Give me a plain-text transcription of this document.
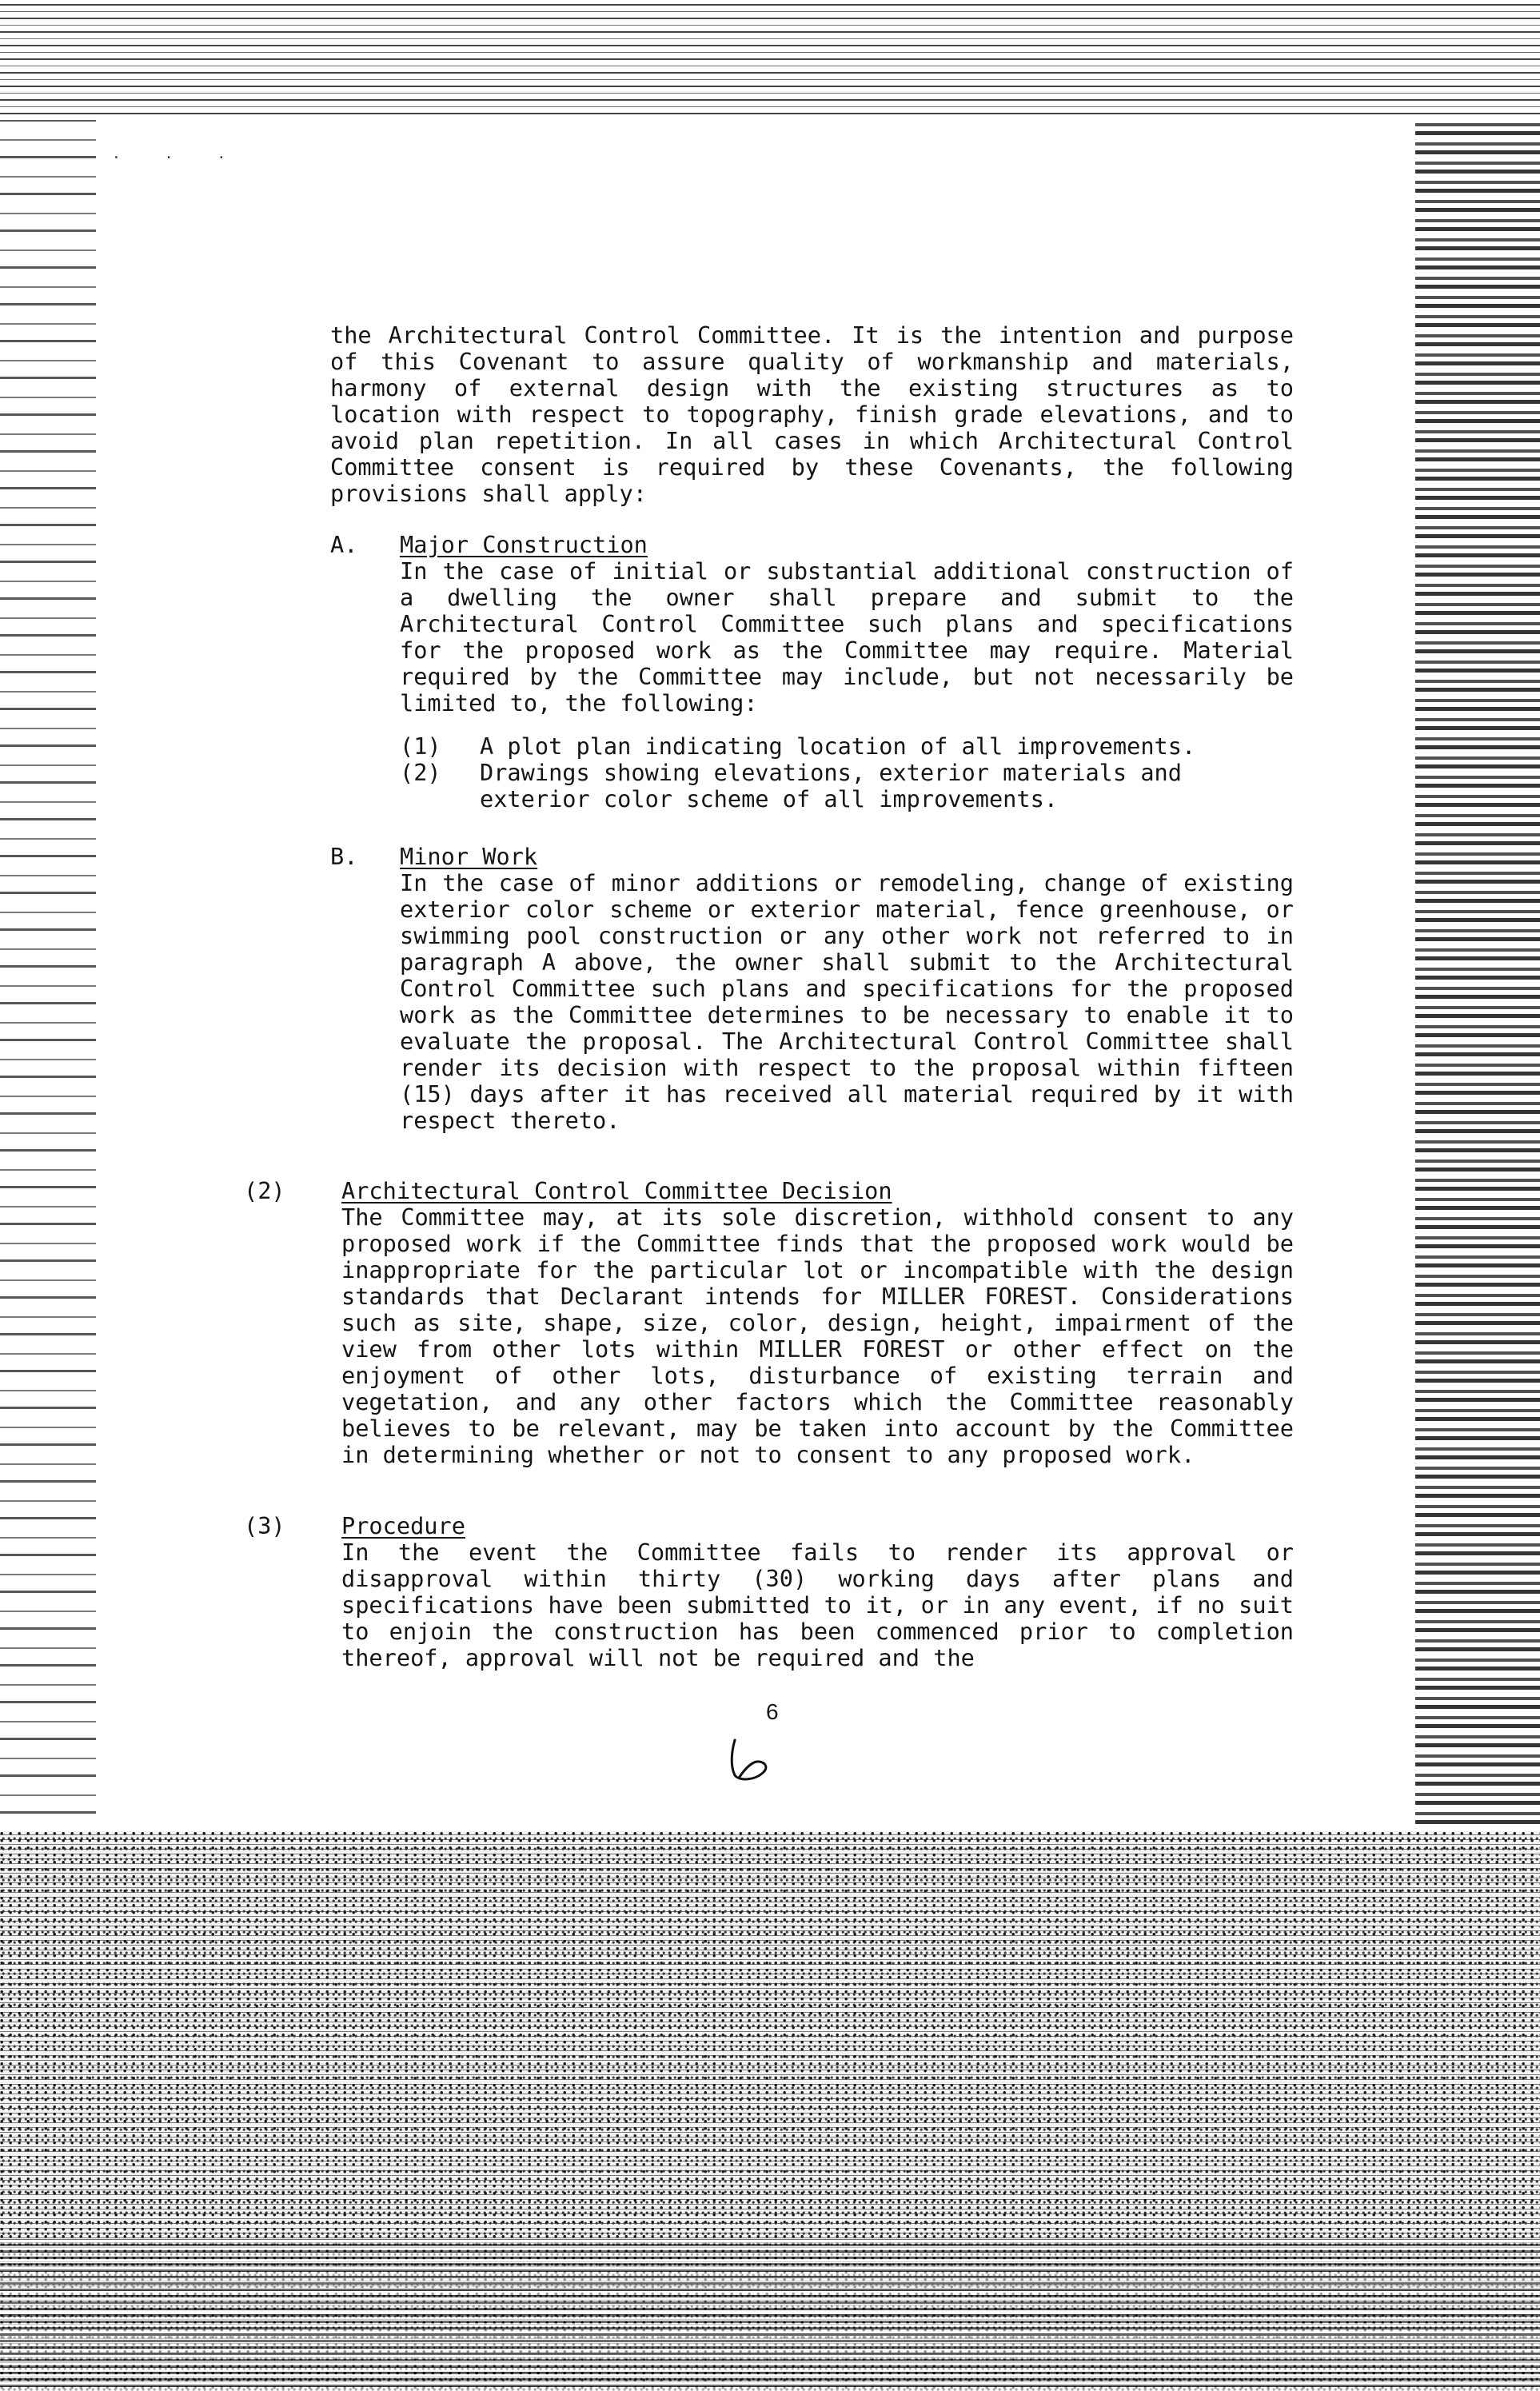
. . .
the Architectural Control Committee. It is the intention and purpose of this Covenant to assure quality of workmanship and materials, harmony of external design with the existing structures as to location with respect to topography, finish grade elevations, and to avoid plan repetition. In all cases in which Architectural Control Committee consent is required by these Covenants, the following provisions shall apply:
A. Major Construction
In the case of initial or substantial additional construction of a dwelling the owner shall prepare and submit to the Architectural Control Committee such plans and specifications for the proposed work as the Committee may require. Material required by the Committee may include, but not necessarily be limited to, the following:
(1) A plot plan indicating location of all improvements.
(2) Drawings showing elevations, exterior materials and exterior color scheme of all improvements.
B. Minor Work
In the case of minor additions or remodeling, change of existing exterior color scheme or exterior material, fence greenhouse, or swimming pool construction or any other work not referred to in paragraph A above, the owner shall submit to the Architectural Control Committee such plans and specifications for the proposed work as the Committee determines to be necessary to enable it to evaluate the proposal. The Architectural Control Committee shall render its decision with respect to the proposal within fifteen (15) days after it has received all material required by it with respect thereto.
(2) Architectural Control Committee Decision
The Committee may, at its sole discretion, withhold consent to any proposed work if the Committee finds that the proposed work would be inappropriate for the particular lot or incompatible with the design standards that Declarant intends for MILLER FOREST. Considerations such as site, shape, size, color, design, height, impairment of the view from other lots within MILLER FOREST or other effect on the enjoyment of other lots, disturbance of existing terrain and vegetation, and any other factors which the Committee reasonably believes to be relevant, may be taken into account by the Committee in determining whether or not to consent to any proposed work.
(3) Procedure
In the event the Committee fails to render its approval or disapproval within thirty (30) working days after plans and specifications have been submitted to it, or in any event, if no suit to enjoin the construction has been commenced prior to completion thereof, approval will not be required and the
6
